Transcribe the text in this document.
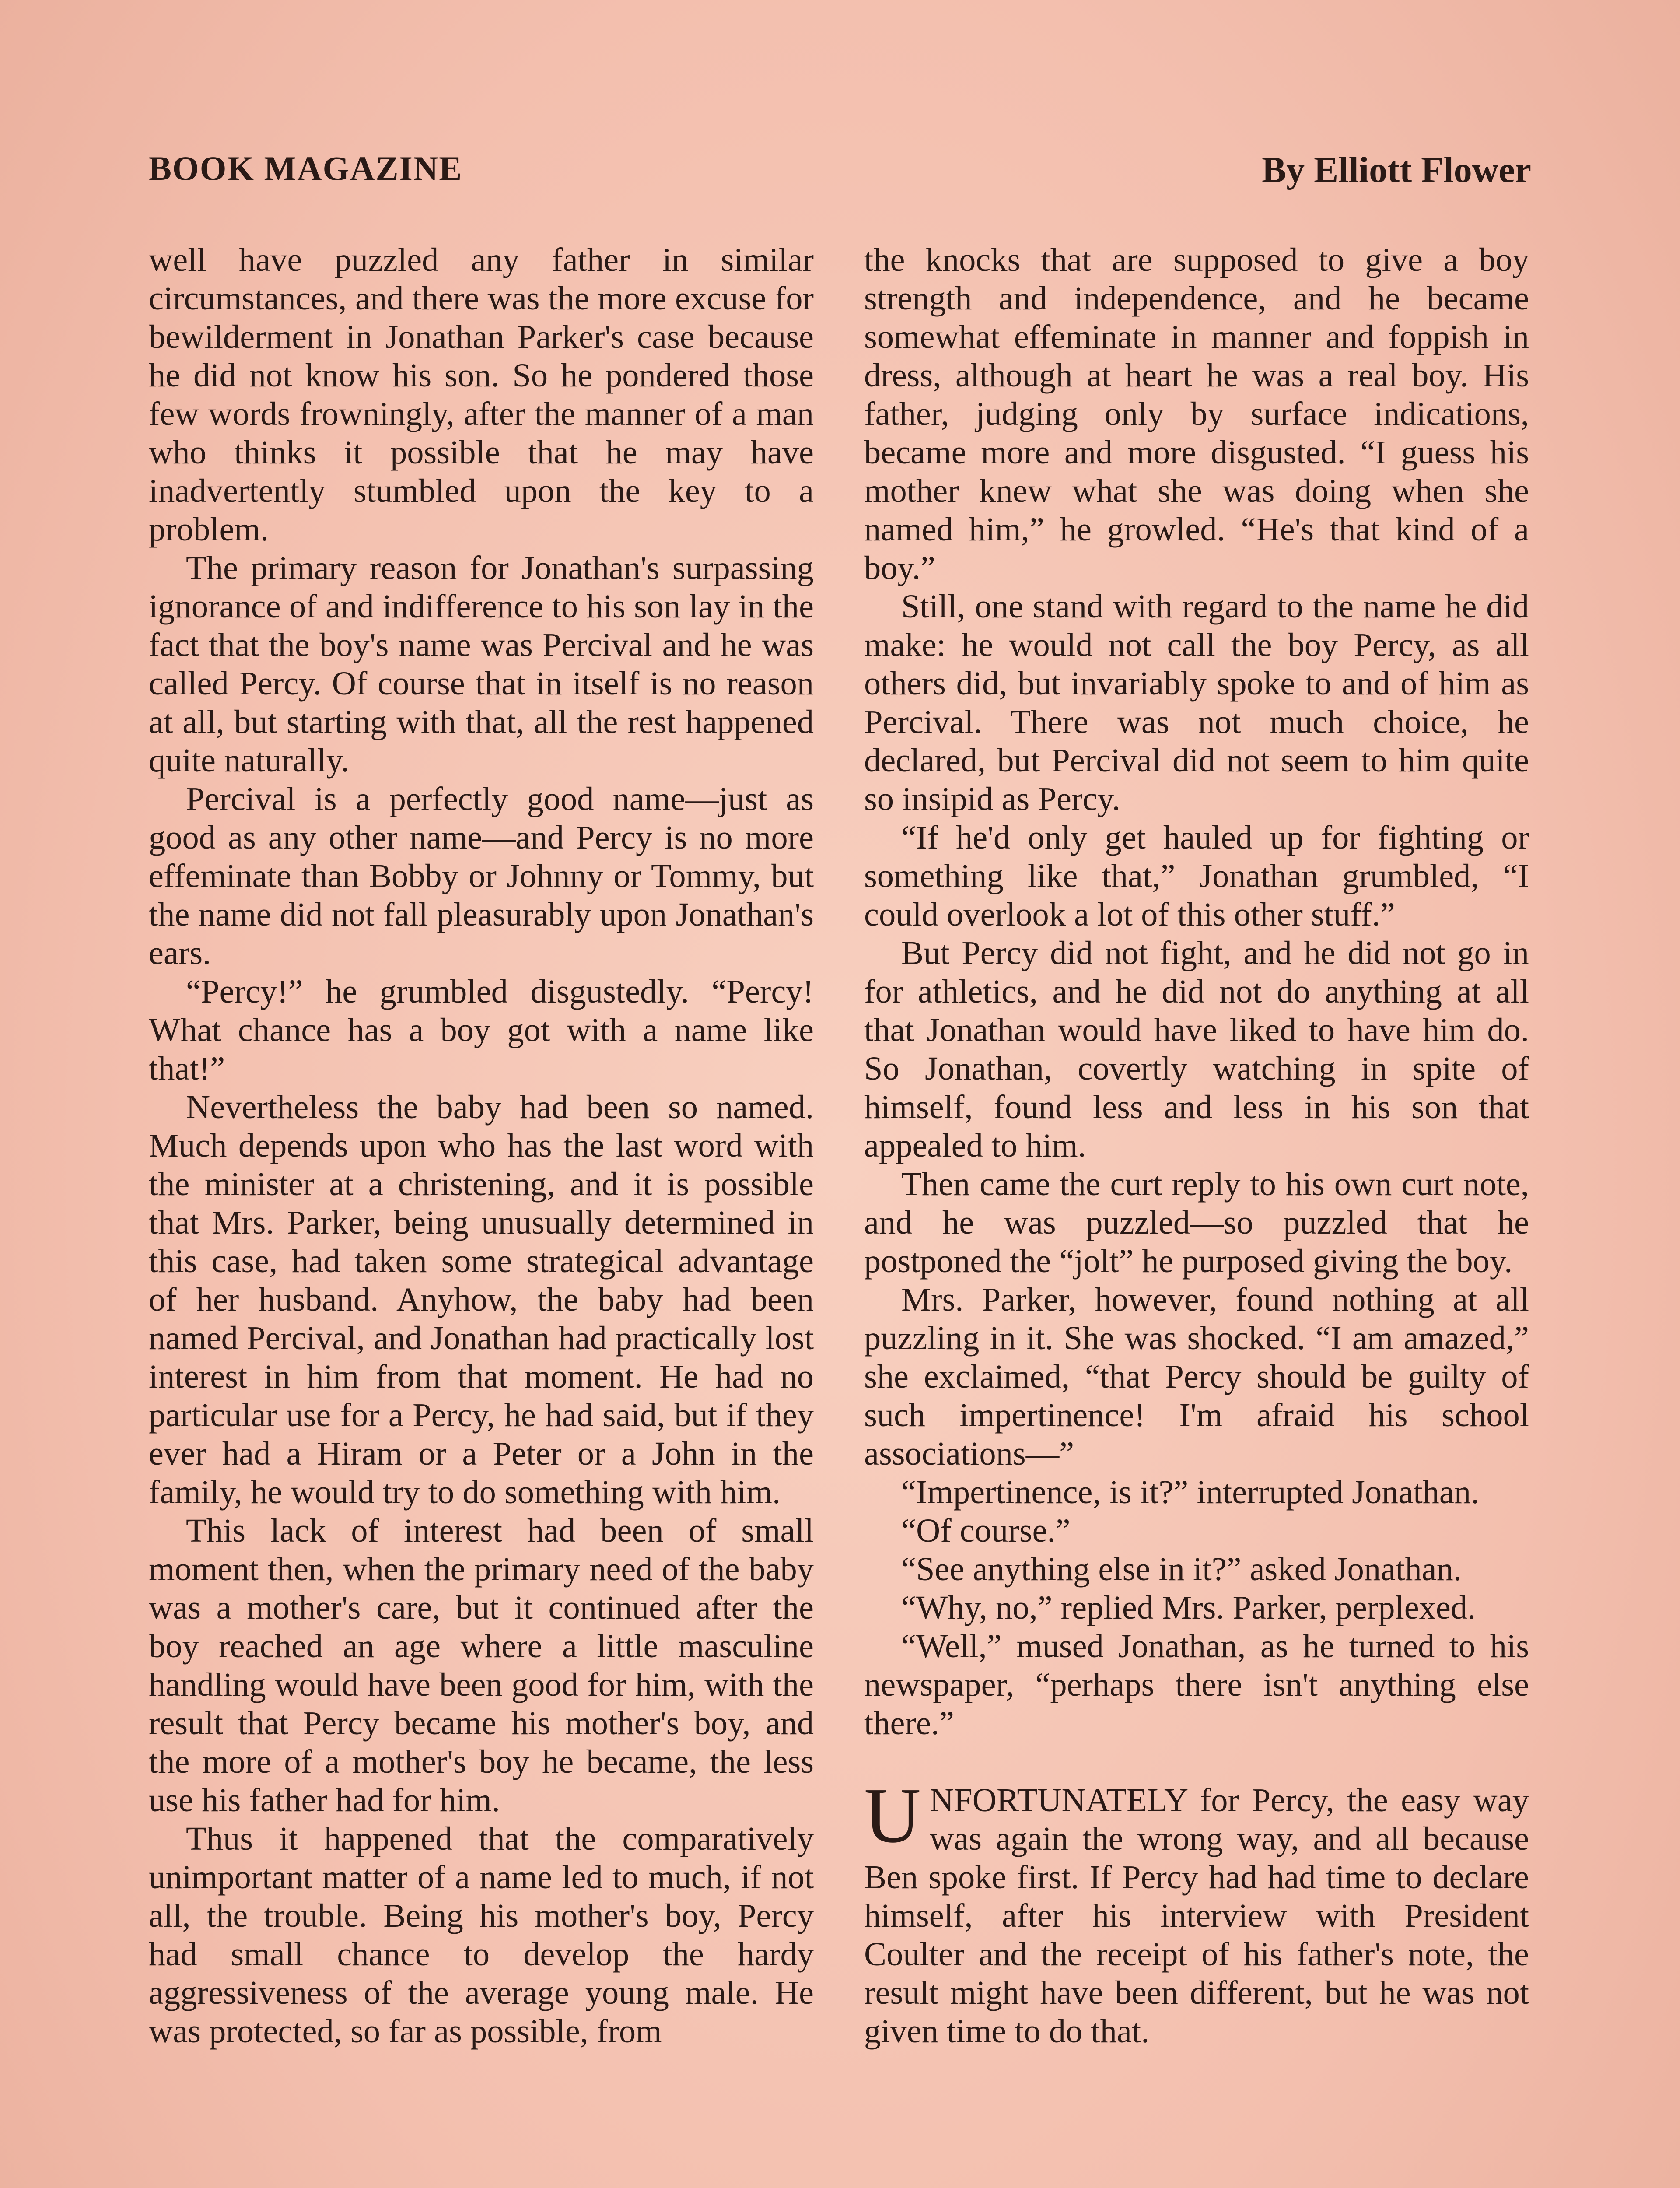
BOOK MAGAZINE	By Elliott Flower

well have puzzled any father in similar circumstances, and there was the more excuse for bewilderment in Jonathan Parker's case because he did not know his son. So he pondered those few words frowningly, after the manner of a man who thinks it possible that he may have inadvertently stumbled upon the key to a problem.

The primary reason for Jonathan's surpassing ignorance of and indifference to his son lay in the fact that the boy's name was Percival and he was called Percy. Of course that in itself is no reason at all, but starting with that, all the rest happened quite naturally.

Percival is a perfectly good name—just as good as any other name—and Percy is no more effeminate than Bobby or Johnny or Tommy, but the name did not fall pleasurably upon Jonathan's ears.

“Percy!” he grumbled disgustedly. “Percy! What chance has a boy got with a name like that!”

Nevertheless the baby had been so named. Much depends upon who has the last word with the minister at a christening, and it is possible that Mrs. Parker, being unusually determined in this case, had taken some strategical advantage of her husband. Anyhow, the baby had been named Percival, and Jonathan had practically lost interest in him from that moment. He had no particular use for a Percy, he had said, but if they ever had a Hiram or a Peter or a John in the family, he would try to do something with him.

This lack of interest had been of small moment then, when the primary need of the baby was a mother's care, but it continued after the boy reached an age where a little masculine handling would have been good for him, with the result that Percy became his mother's boy, and the more of a mother's boy he became, the less use his father had for him.

Thus it happened that the comparatively unimportant matter of a name led to much, if not all, the trouble. Being his mother's boy, Percy had small chance to develop the hardy aggressiveness of the average young male. He was protected, so far as possible, from

the knocks that are supposed to give a boy strength and independence, and he became somewhat effeminate in manner and foppish in dress, although at heart he was a real boy. His father, judging only by surface indications, became more and more disgusted. “I guess his mother knew what she was doing when she named him,” he growled. “He's that kind of a boy.”

Still, one stand with regard to the name he did make: he would not call the boy Percy, as all others did, but invariably spoke to and of him as Percival. There was not much choice, he declared, but Percival did not seem to him quite so insipid as Percy.

“If he'd only get hauled up for fighting or something like that,” Jonathan grumbled, “I could overlook a lot of this other stuff.”

But Percy did not fight, and he did not go in for athletics, and he did not do anything at all that Jonathan would have liked to have him do. So Jonathan, covertly watching in spite of himself, found less and less in his son that appealed to him.

Then came the curt reply to his own curt note, and he was puzzled—so puzzled that he postponed the “jolt” he purposed giving the boy.

Mrs. Parker, however, found nothing at all puzzling in it. She was shocked. “I am amazed,” she exclaimed, “that Percy should be guilty of such impertinence! I'm afraid his school associations—”

“Impertinence, is it?” interrupted Jonathan.

“Of course.”

“See anything else in it?” asked Jonathan.

“Why, no,” replied Mrs. Parker, perplexed.

“Well,” mused Jonathan, as he turned to his newspaper, “perhaps there isn't anything else there.”

UNFORTUNATELY for Percy, the easy way was again the wrong way, and all because Ben spoke first. If Percy had had time to declare himself, after his interview with President Coulter and the receipt of his father's note, the result might have been different, but he was not given time to do that.
